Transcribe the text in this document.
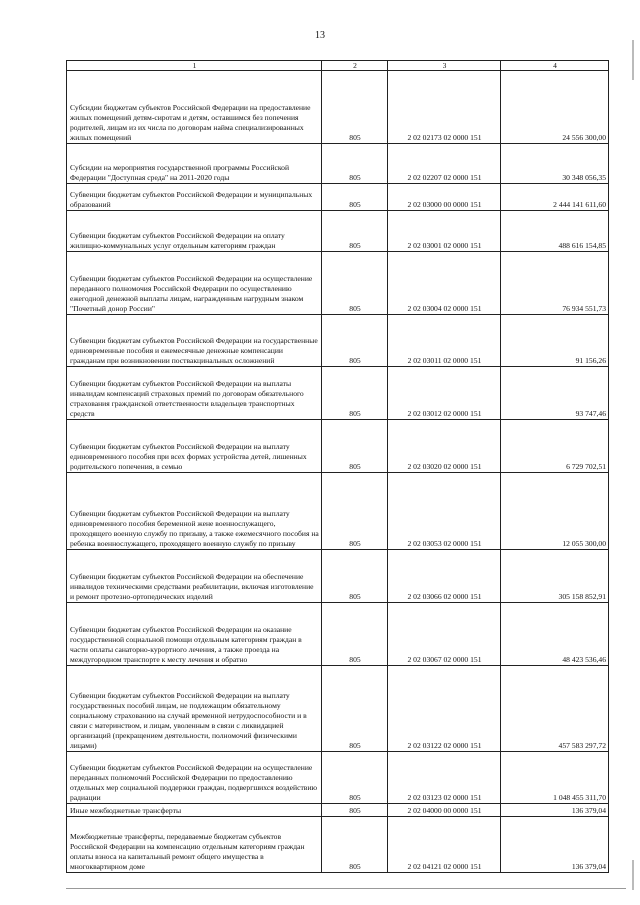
13
1	2	3	4
Субсидии бюджетам субъектов Российской Федерации на предоставление жилых помещений детям-сиротам и детям, оставшимся без попечения родителей, лицам из их числа по договорам найма специализированных жилых помещений	805	2 02 02173 02 0000 151	24 556 300,00
Субсидии на мероприятия государственной программы Российской Федерации "Доступная среда" на 2011-2020 годы	805	2 02 02207 02 0000 151	30 348 056,35
Субвенции бюджетам субъектов Российской Федерации и муниципальных образований	805	2 02 03000 00 0000 151	2 444 141 611,60
Субвенции бюджетам субъектов Российской Федерации на оплату жилищно-коммунальных услуг отдельным категориям граждан	805	2 02 03001 02 0000 151	488 616 154,85
Субвенции бюджетам субъектов Российской Федерации на осуществление переданного полномочия Российской Федерации по осуществлению ежегодной денежной выплаты лицам, награжденным нагрудным знаком "Почетный донор России"	805	2 02 03004 02 0000 151	76 934 551,73
Субвенции бюджетам субъектов Российской Федерации на государственные единовременные пособия и ежемесячные денежные компенсации гражданам при возникновении поствакцинальных осложнений	805	2 02 03011 02 0000 151	91 156,26
Субвенции бюджетам субъектов Российской Федерации на выплаты инвалидам компенсаций страховых премий по договорам обязательного страхования гражданской ответственности владельцев транспортных средств	805	2 02 03012 02 0000 151	93 747,46
Субвенции бюджетам субъектов Российской Федерации на выплату единовременного пособия при всех формах устройства детей, лишенных родительского попечения, в семью	805	2 02 03020 02 0000 151	6 729 702,51
Субвенции бюджетам субъектов Российской Федерации на выплату единовременного пособия беременной жене военнослужащего, проходящего военную службу по призыву, а также ежемесячного пособия на ребенка военнослужащего, проходящего военную службу по призыву	805	2 02 03053 02 0000 151	12 055 300,00
Субвенции бюджетам субъектов Российской Федерации на обеспечение инвалидов техническими средствами реабилитации, включая изготовление и ремонт протезно-ортопедических изделий	805	2 02 03066 02 0000 151	305 158 852,91
Субвенции бюджетам субъектов Российской Федерации на оказание государственной социальной помощи отдельным категориям граждан в части оплаты санаторно-курортного лечения, а также проезда на междугородном транспорте к месту лечения и обратно	805	2 02 03067 02 0000 151	48 423 536,46
Субвенции бюджетам субъектов Российской Федерации на выплату государственных пособий лицам, не подлежащим обязательному социальному страхованию на случай временной нетрудоспособности и в связи с материнством, и лицам, уволенным в связи с ликвидацией организаций (прекращением деятельности, полномочий физическими лицами)	805	2 02 03122 02 0000 151	457 583 297,72
Субвенции бюджетам субъектов Российской Федерации на осуществление переданных полномочий Российской Федерации по предоставлению отдельных мер социальной поддержки граждан, подвергшихся воздействию радиации	805	2 02 03123 02 0000 151	1 048 455 311,70
Иные межбюджетные трансферты	805	2 02 04000 00 0000 151	136 379,04
Межбюджетные трансферты, передаваемые бюджетам субъектов Российской Федерации на компенсацию отдельным категориям граждан оплаты взноса на капитальный ремонт общего имущества в многоквартирном доме	805	2 02 04121 02 0000 151	136 379,04
